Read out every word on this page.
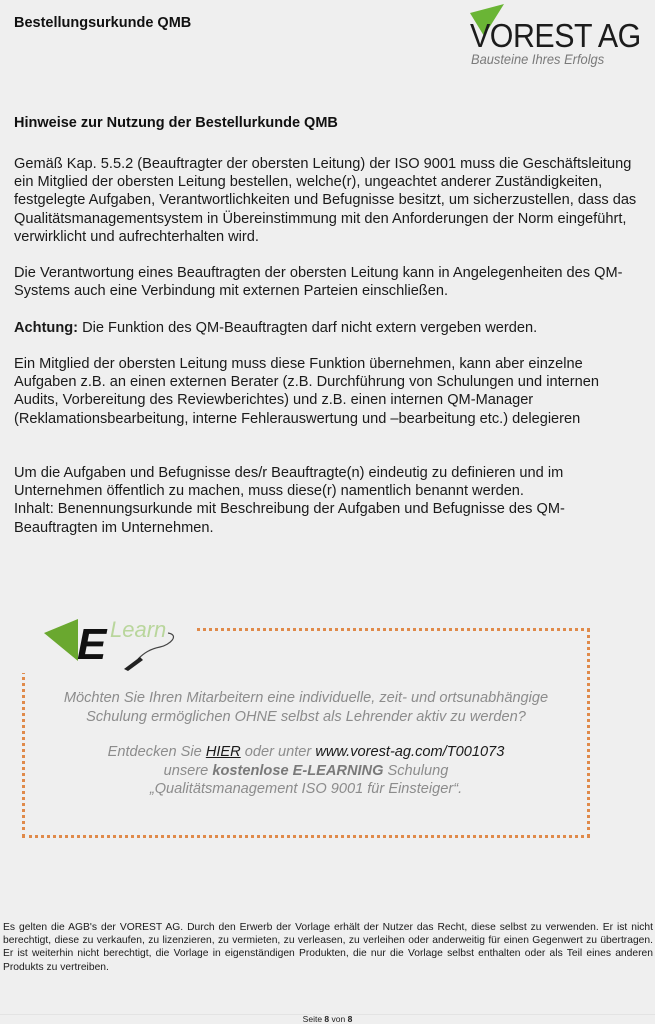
Bestellungsurkunde QMB	VOREST AG
Bausteine Ihres Erfolgs
Hinweise zur Nutzung der Bestellurkunde QMB
Gemäß Kap. 5.5.2 (Beauftragter der obersten Leitung) der ISO 9001 muss die Geschäftsleitung ein Mitglied der obersten Leitung bestellen, welche(r), ungeachtet anderer Zuständigkeiten, festgelegte Aufgaben, Verantwortlichkeiten und Befugnisse besitzt, um sicherzustellen, dass das Qualitätsmanagementsystem in Übereinstimmung mit den Anforderungen der Norm eingeführt, verwirklicht und aufrechterhalten wird.
Die Verantwortung eines Beauftragten der obersten Leitung kann in Angelegenheiten des QM-Systems auch eine Verbindung mit externen Parteien einschließen.
Achtung: Die Funktion des QM-Beauftragten darf nicht extern vergeben werden.
Ein Mitglied der obersten Leitung muss diese Funktion übernehmen, kann aber einzelne Aufgaben z.B. an einen externen Berater (z.B. Durchführung von Schulungen und internen Audits, Vorbereitung des Reviewberichtes) und z.B. einen internen QM-Manager (Reklamationsbearbeitung, interne Fehlerauswertung und –bearbeitung etc.) delegieren
Um die Aufgaben und Befugnisse des/r Beauftragte(n) eindeutig zu definieren und im Unternehmen öffentlich zu machen, muss diese(r) namentlich benannt werden.
Inhalt: Benennungsurkunde mit Beschreibung der Aufgaben und Befugnisse des QM-Beauftragten im Unternehmen.
E Learn
Möchten Sie Ihren Mitarbeitern eine individuelle, zeit- und ortsunabhängige
Schulung ermöglichen OHNE selbst als Lehrender aktiv zu werden?
Entdecken Sie HIER oder unter www.vorest-ag.com/T001073
unsere kostenlose E-LEARNING Schulung
„Qualitätsmanagement ISO 9001 für Einsteiger“.
Es gelten die AGB's der VOREST AG. Durch den Erwerb der Vorlage erhält der Nutzer das Recht, diese selbst zu verwenden. Er ist nicht berechtigt, diese zu verkaufen, zu lizenzieren, zu vermieten, zu verleasen, zu verleihen oder anderweitig für einen Gegenwert zu übertragen. Er ist weiterhin nicht berechtigt, die Vorlage in eigenständigen Produkten, die nur die Vorlage selbst enthalten oder als Teil eines anderen Produkts zu vertreiben.
Seite 8 von 8
